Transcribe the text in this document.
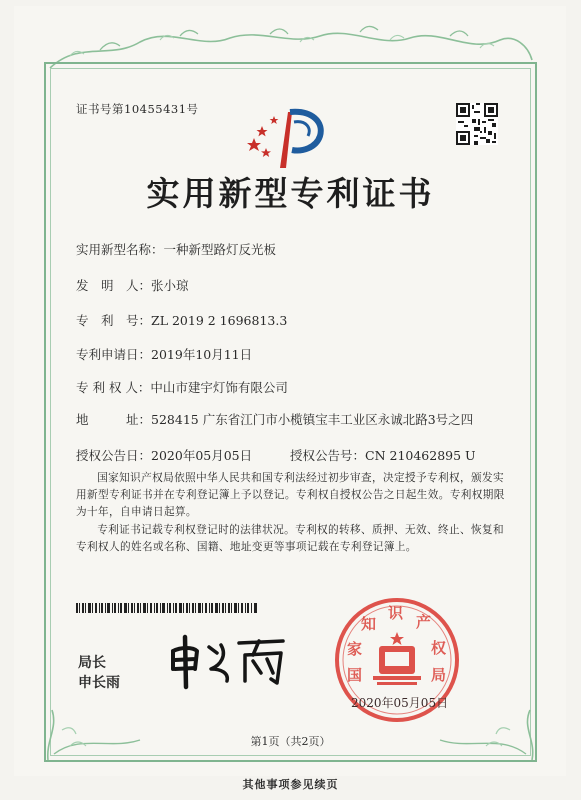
证书号第10455431号
实用新型专利证书
实用新型名称：一种新型路灯反光板
发　明　人：张小琼
专　利　号：ZL 2019 2 1696813.3
专利申请日：2019年10月11日
专 利 权 人：中山市建宇灯饰有限公司
地　　　址：528415 广东省江门市小榄镇宝丰工业区永诚北路3号之四
授权公告日：2020年05月05日	授权公告号：CN 210462895 U
国家知识产权局依照中华人民共和国专利法经过初步审查，决定授予专利权，颁发实用新型专利证书并在专利登记簿上予以登记。专利权自授权公告之日起生效。专利权期限为十年，自申请日起算。
专利证书记载专利权登记时的法律状况。专利权的转移、质押、无效、终止、恢复和专利权人的姓名或名称、国籍、地址变更等事项记载在专利登记簿上。
局长
申长雨	国
家
知
识 产
权
局
2020年05月05日
第1页（共2页）
其他事项参见续页
